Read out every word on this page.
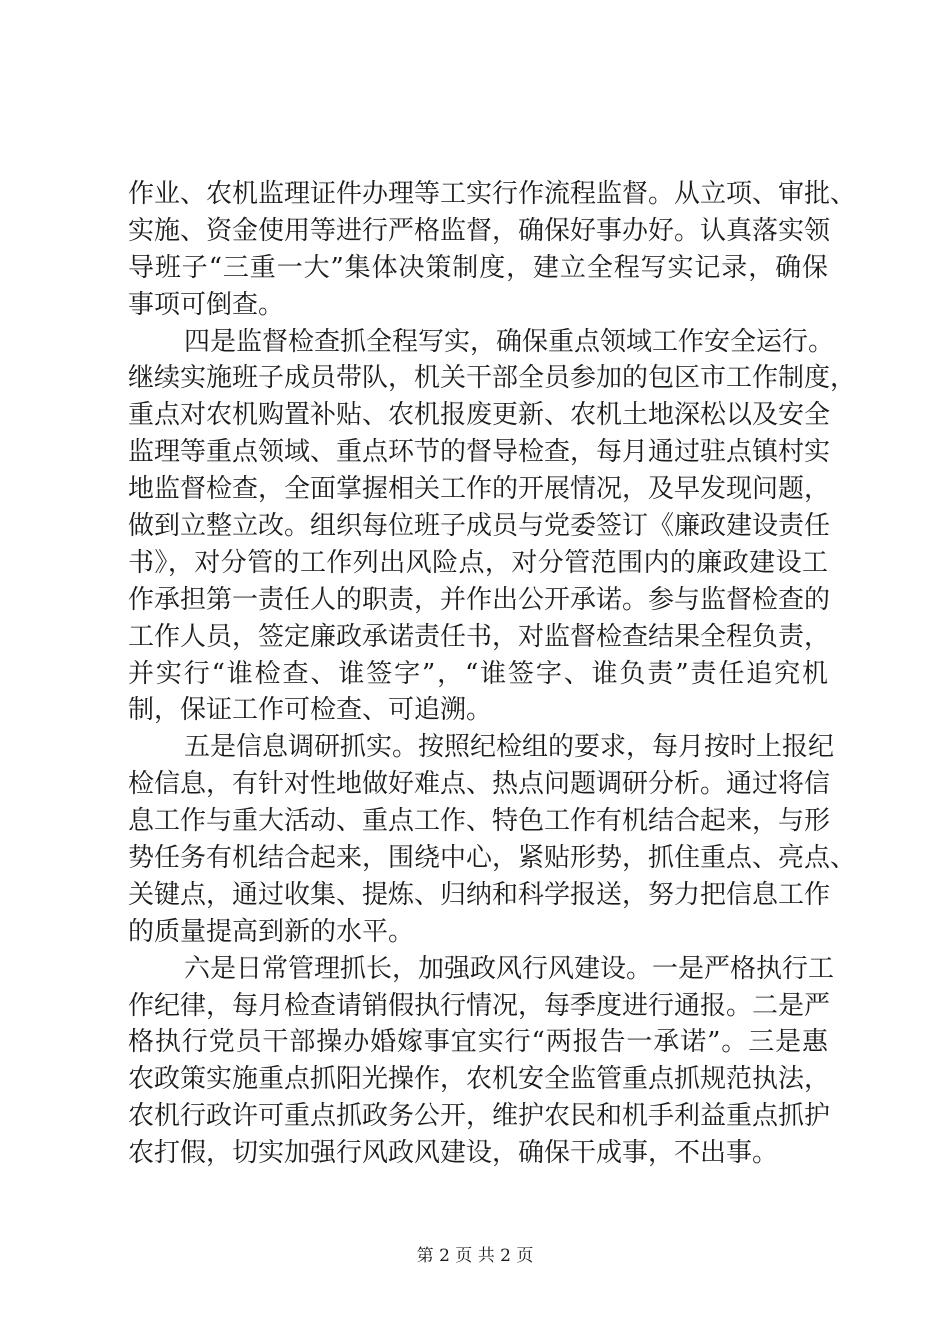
作业、农机监理证件办理等工实行作流程监督。从立项、审批、
实施、资金使用等进行严格监督，确保好事办好。认真落实领
导班子“三重一大”集体决策制度，建立全程写实记录，确保
事项可倒查。
四是监督检查抓全程写实，确保重点领域工作安全运行。
继续实施班子成员带队，机关干部全员参加的包区市工作制度，
重点对农机购置补贴、农机报废更新、农机土地深松以及安全
监理等重点领域、重点环节的督导检查，每月通过驻点镇村实
地监督检查，全面掌握相关工作的开展情况，及早发现问题，
做到立整立改。组织每位班子成员与党委签订《廉政建设责任
书》，对分管的工作列出风险点，对分管范围内的廉政建设工
作承担第一责任人的职责，并作出公开承诺。参与监督检查的
工作人员，签定廉政承诺责任书，对监督检查结果全程负责，
并实行“谁检查、谁签字”，“谁签字、谁负责”责任追究机
制，保证工作可检查、可追溯。
五是信息调研抓实。按照纪检组的要求，每月按时上报纪
检信息，有针对性地做好难点、热点问题调研分析。通过将信
息工作与重大活动、重点工作、特色工作有机结合起来，与形
势任务有机结合起来，围绕中心，紧贴形势，抓住重点、亮点、
关键点，通过收集、提炼、归纳和科学报送，努力把信息工作
的质量提高到新的水平。
六是日常管理抓长，加强政风行风建设。一是严格执行工
作纪律，每月检查请销假执行情况，每季度进行通报。二是严
格执行党员干部操办婚嫁事宜实行“两报告一承诺”。三是惠
农政策实施重点抓阳光操作，农机安全监管重点抓规范执法，
农机行政许可重点抓政务公开，维护农民和机手利益重点抓护
农打假，切实加强行风政风建设，确保干成事，不出事。
第 2 页 共 2 页
